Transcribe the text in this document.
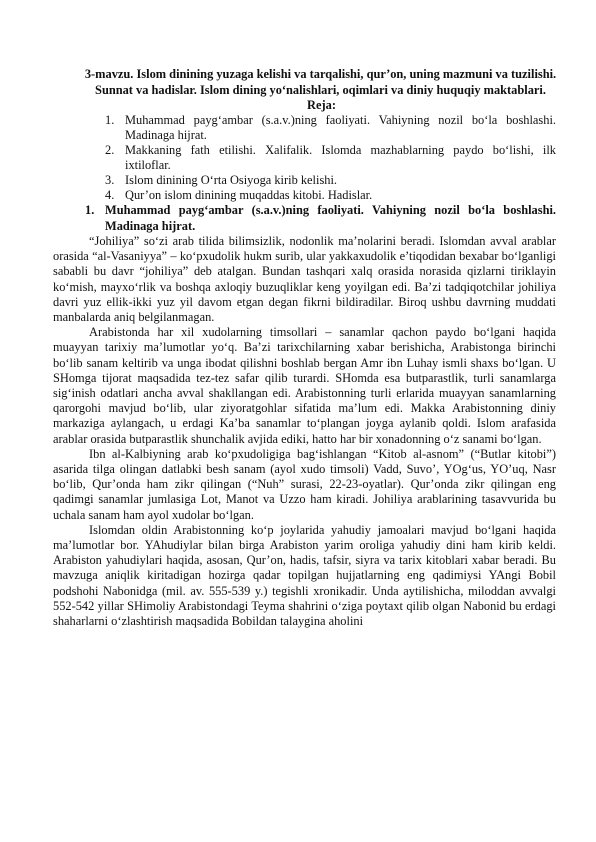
3-mavzu. Islom dinining yuzaga kelishi va tarqalishi, qur’on, uning mazmuni va tuzilishi. Sunnat va hadislar. Islom dining yo‘nalishlari, oqimlari va diniy huquqiy maktablari.
Reja:
1. Muhammad payg‘ambar (s.a.v.)ning faoliyati. Vahiyning nozil bo‘la boshlashi. Madinaga hijrat.
2. Makkaning fath etilishi. Xalifalik. Islomda mazhablarning paydo bo‘lishi, ilk ixtiloflar.
3. Islom dinining O‘rta Osiyoga kirib kelishi.
4. Qur’on islom dinining muqaddas kitobi. Hadislar.
1. Muhammad payg‘ambar (s.a.v.)ning faoliyati. Vahiyning nozil bo‘la boshlashi. Madinaga hijrat.

“Johiliya” so‘zi arab tilida bilimsizlik, nodonlik ma’nolarini beradi. Islomdan avval arablar orasida “al-Vasaniyya” – ko‘pxudolik hukm surib, ular yakkaxudolik e’tiqodidan bexabar bo‘lganligi sababli bu davr “johiliya” deb atalgan. Bundan tashqari xalq orasida norasida qizlarni tiriklayin ko‘mish, mayxo‘rlik va boshqa axloqiy buzuqliklar keng yoyilgan edi. Ba’zi tadqiqotchilar johiliya davri yuz ellik-ikki yuz yil davom etgan degan fikrni bildiradilar. Biroq ushbu davrning muddati manbalarda aniq belgilanmagan.

Arabistonda har xil xudolarning timsollari – sanamlar qachon paydo bo‘lgani haqida muayyan tarixiy ma’lumotlar yo‘q. Ba’zi tarixchilarning xabar berishicha, Arabistonga birinchi bo‘lib sanam keltirib va unga ibodat qilishni boshlab bergan Amr ibn Luhay ismli shaxs bo‘lgan. U SHomga tijorat maqsadida tez-tez safar qilib turardi. SHomda esa butparastlik, turli sanamlarga sig‘inish odatlari ancha avval shakllangan edi. Arabistonning turli erlarida muayyan sanamlarning qarorgohi mavjud bo‘lib, ular ziyoratgohlar sifatida ma’lum edi. Makka Arabistonning diniy markaziga aylangach, u erdagi Ka’ba sanamlar to‘plangan joyga aylanib qoldi. Islom arafasida arablar orasida butparastlik shunchalik avjida ediki, hatto har bir xonadonning o‘z sanami bo‘lgan.

Ibn al-Kalbiyning arab ko‘pxudoligiga bag‘ishlangan “Kitob al-asnom” (“Butlar kitobi”) asarida tilga olingan datlabki besh sanam (ayol xudo timsoli) Vadd, Suvo’, YOg‘us, YO’uq, Nasr bo‘lib, Qur’onda ham zikr qilingan (“Nuh” surasi, 22-23-oyatlar). Qur’onda zikr qilingan eng qadimgi sanamlar jumlasiga Lot, Manot va Uzzo ham kiradi. Johiliya arablarining tasavvurida bu uchala sanam ham ayol xudolar bo‘lgan.

Islomdan oldin Arabistonning ko‘p joylarida yahudiy jamoalari mavjud bo‘lgani haqida ma’lumotlar bor. YAhudiylar bilan birga Arabiston yarim oroliga yahudiy dini ham kirib keldi. Arabiston yahudiylari haqida, asosan, Qur’on, hadis, tafsir, siyra va tarix kitoblari xabar beradi. Bu mavzuga aniqlik kiritadigan hozirga qadar topilgan hujjatlarning eng qadimiysi YAngi Bobil podshohi Nabonidga (mil. av. 555-539 y.) tegishli xronikadir. Unda aytilishicha, miloddan avvalgi 552-542 yillar SHimoliy Arabistondagi Teyma shahrini o‘ziga poytaxt qilib olgan Nabonid bu erdagi shaharlarni o‘zlashtirish maqsadida Bobildan talaygina aholini
